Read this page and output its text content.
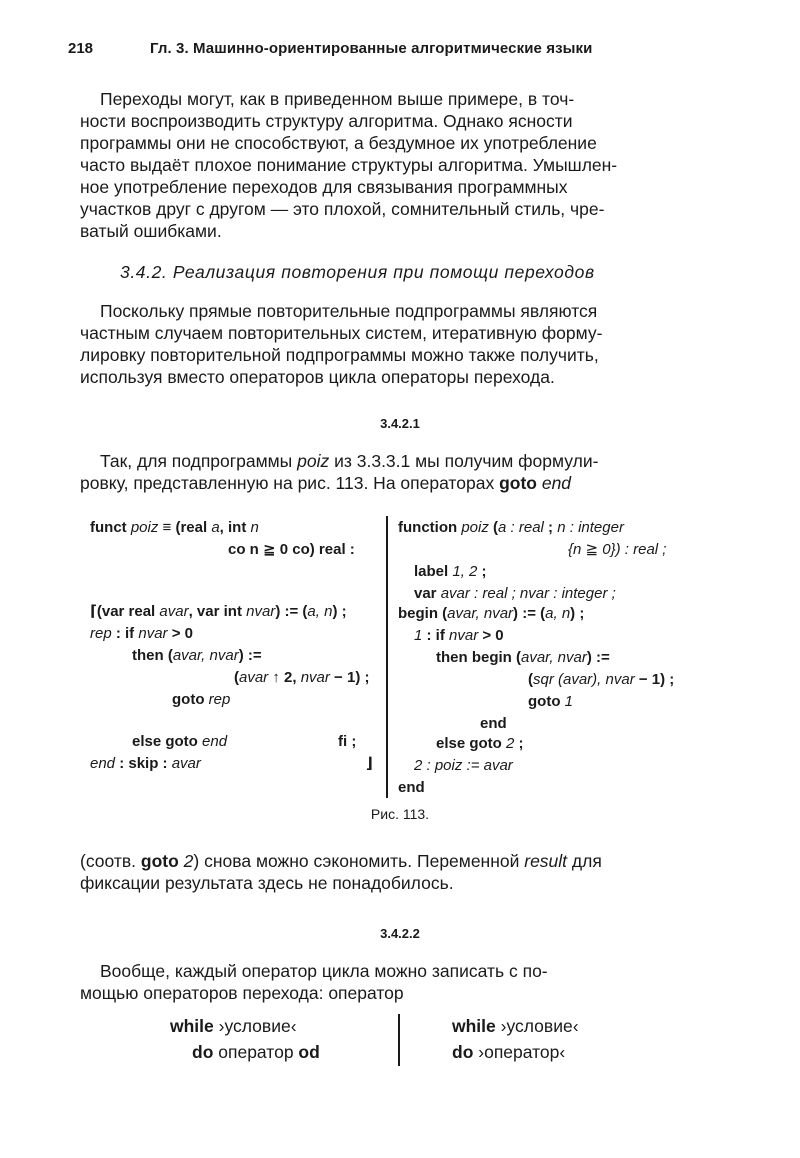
218	Гл. 3. Машинно-ориентированные алгоритмические языки
Переходы могут, как в приведенном выше примере, в точ-
ности воспроизводить структуру алгоритма. Однако ясности
программы они не способствуют, а бездумное их употребление
часто выдаёт плохое понимание структуры алгоритма. Умышлен-
ное употребление переходов для связывания программных
участков друг с другом — это плохой, сомнительный стиль, чре-
ватый ошибками.
3.4.2. Реализация повторения при помощи переходов
Поскольку прямые повторительные подпрограммы являются
частным случаем повторительных систем, итеративную форму-
лировку повторительной подпрограммы можно также получить,
используя вместо операторов цикла операторы перехода.
3.4.2.1
Так, для подпрограммы poiz из 3.3.3.1 мы получим формули-
ровку, представленную на рис. 113. На операторах goto end
funct poiz ≡ (real a, int n
co n ≧ 0 co) real :
⌈(var real avar, var int nvar) := (a, n) ;
rep : if nvar > 0
then (avar, nvar) :=
(avar ↑ 2, nvar − 1) ;
goto rep
else goto end	fi ;
end : skip : avar	⌋
function poiz (a : real ; n : integer
{n ≧ 0}) : real ;
label 1, 2 ;
var avar : real ; nvar : integer ;
begin (avar, nvar) := (a, n) ;
1 : if nvar > 0
then begin (avar, nvar) :=
(sqr (avar), nvar − 1) ;
goto 1
end
else goto 2 ;
2 : poiz := avar
end
Рис. 113.
(соотв. goto 2) снова можно сэкономить. Переменной result для
фиксации результата здесь не понадобилось.
3.4.2.2
Вообще, каждый оператор цикла можно записать с по-
мощью операторов перехода: оператор
while ›условие‹
do оператор od
while ›условие‹
do ›оператор‹
